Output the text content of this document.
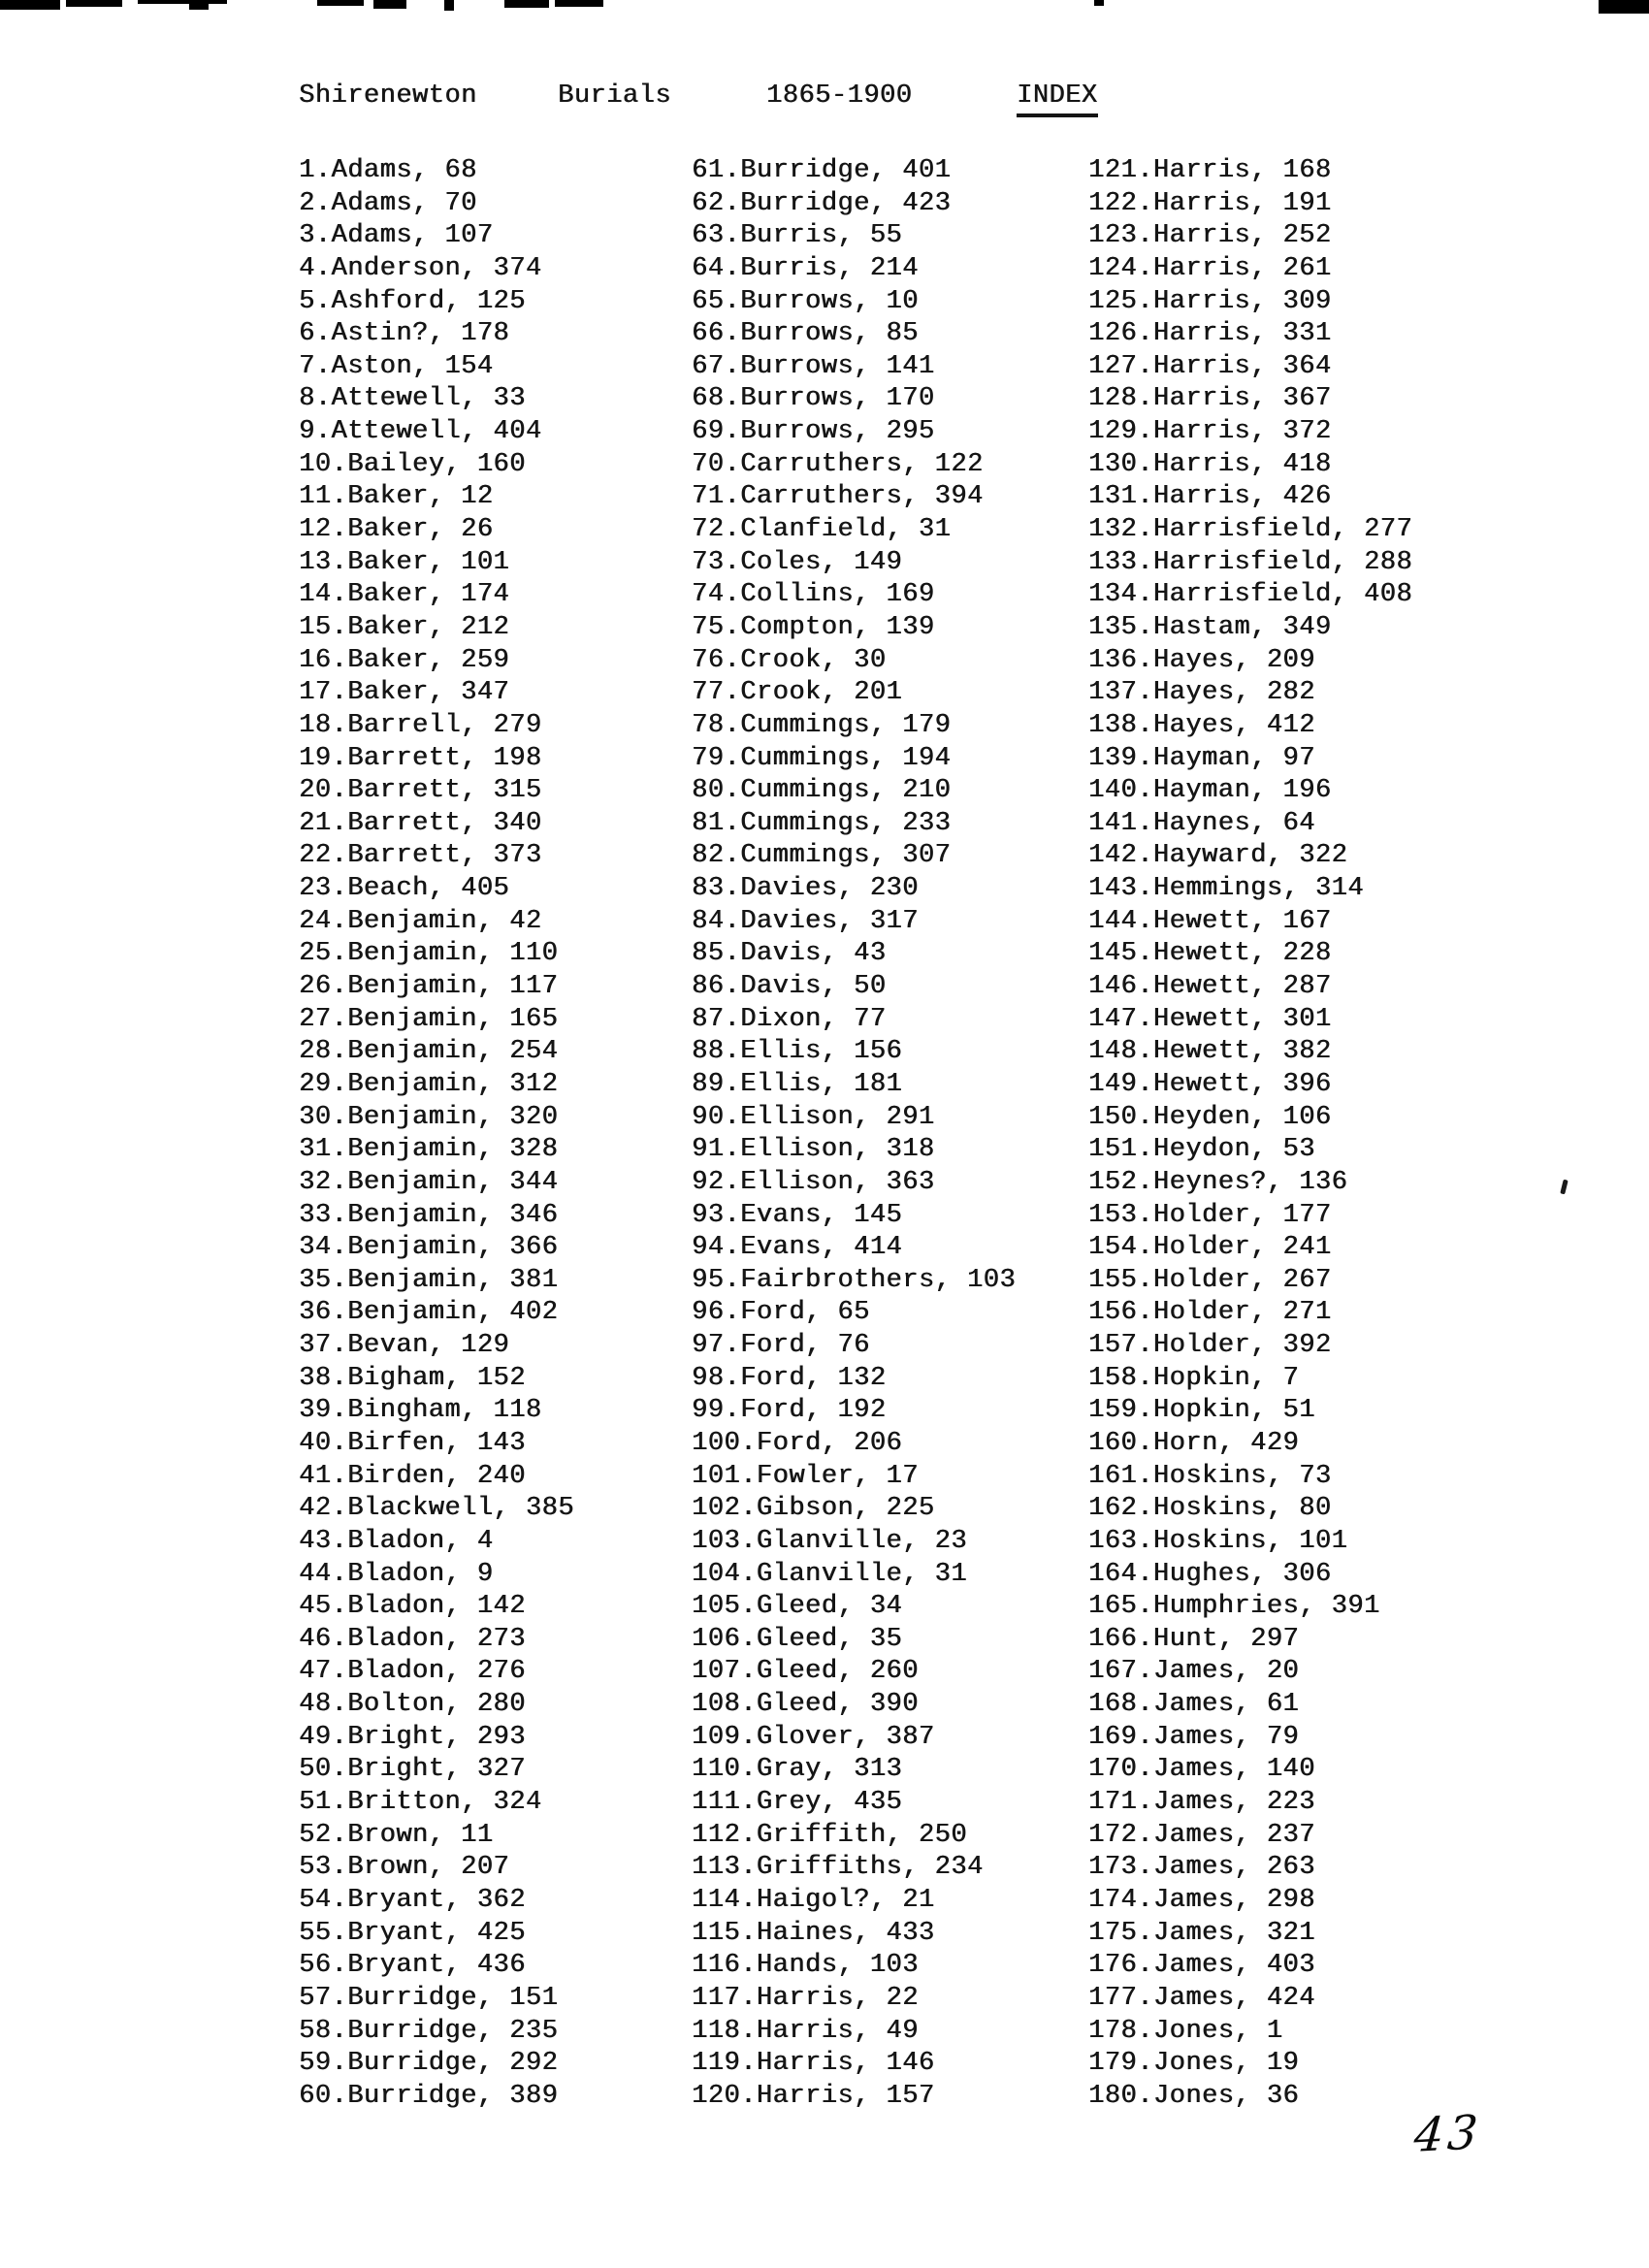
Shirenewton	Burials	1865-1900	INDEX
1.Adams, 68
2.Adams, 70
3.Adams, 107
4.Anderson, 374
5.Ashford, 125
6.Astin?, 178
7.Aston, 154
8.Attewell, 33
9.Attewell, 404
10.Bailey, 160
11.Baker, 12
12.Baker, 26
13.Baker, 101
14.Baker, 174
15.Baker, 212
16.Baker, 259
17.Baker, 347
18.Barrell, 279
19.Barrett, 198
20.Barrett, 315
21.Barrett, 340
22.Barrett, 373
23.Beach, 405
24.Benjamin, 42
25.Benjamin, 110
26.Benjamin, 117
27.Benjamin, 165
28.Benjamin, 254
29.Benjamin, 312
30.Benjamin, 320
31.Benjamin, 328
32.Benjamin, 344
33.Benjamin, 346
34.Benjamin, 366
35.Benjamin, 381
36.Benjamin, 402
37.Bevan, 129
38.Bigham, 152
39.Bingham, 118
40.Birfen, 143
41.Birden, 240
42.Blackwell, 385
43.Bladon, 4
44.Bladon, 9
45.Bladon, 142
46.Bladon, 273
47.Bladon, 276
48.Bolton, 280
49.Bright, 293
50.Bright, 327
51.Britton, 324
52.Brown, 11
53.Brown, 207
54.Bryant, 362
55.Bryant, 425
56.Bryant, 436
57.Burridge, 151
58.Burridge, 235
59.Burridge, 292
60.Burridge, 389
61.Burridge, 401
62.Burridge, 423
63.Burris, 55
64.Burris, 214
65.Burrows, 10
66.Burrows, 85
67.Burrows, 141
68.Burrows, 170
69.Burrows, 295
70.Carruthers, 122
71.Carruthers, 394
72.Clanfield, 31
73.Coles, 149
74.Collins, 169
75.Compton, 139
76.Crook, 30
77.Crook, 201
78.Cummings, 179
79.Cummings, 194
80.Cummings, 210
81.Cummings, 233
82.Cummings, 307
83.Davies, 230
84.Davies, 317
85.Davis, 43
86.Davis, 50
87.Dixon, 77
88.Ellis, 156
89.Ellis, 181
90.Ellison, 291
91.Ellison, 318
92.Ellison, 363
93.Evans, 145
94.Evans, 414
95.Fairbrothers, 103
96.Ford, 65
97.Ford, 76
98.Ford, 132
99.Ford, 192
100.Ford, 206
101.Fowler, 17
102.Gibson, 225
103.Glanville, 23
104.Glanville, 31
105.Gleed, 34
106.Gleed, 35
107.Gleed, 260
108.Gleed, 390
109.Glover, 387
110.Gray, 313
111.Grey, 435
112.Griffith, 250
113.Griffiths, 234
114.Haigol?, 21
115.Haines, 433
116.Hands, 103
117.Harris, 22
118.Harris, 49
119.Harris, 146
120.Harris, 157
121.Harris, 168
122.Harris, 191
123.Harris, 252
124.Harris, 261
125.Harris, 309
126.Harris, 331
127.Harris, 364
128.Harris, 367
129.Harris, 372
130.Harris, 418
131.Harris, 426
132.Harrisfield, 277
133.Harrisfield, 288
134.Harrisfield, 408
135.Hastam, 349
136.Hayes, 209
137.Hayes, 282
138.Hayes, 412
139.Hayman, 97
140.Hayman, 196
141.Haynes, 64
142.Hayward, 322
143.Hemmings, 314
144.Hewett, 167
145.Hewett, 228
146.Hewett, 287
147.Hewett, 301
148.Hewett, 382
149.Hewett, 396
150.Heyden, 106
151.Heydon, 53
152.Heynes?, 136
153.Holder, 177
154.Holder, 241
155.Holder, 267
156.Holder, 271
157.Holder, 392
158.Hopkin, 7
159.Hopkin, 51
160.Horn, 429
161.Hoskins, 73
162.Hoskins, 80
163.Hoskins, 101
164.Hughes, 306
165.Humphries, 391
166.Hunt, 297
167.James, 20
168.James, 61
169.James, 79
170.James, 140
171.James, 223
172.James, 237
173.James, 263
174.James, 298
175.James, 321
176.James, 403
177.James, 424
178.Jones, 1
179.Jones, 19
180.Jones, 36
43
